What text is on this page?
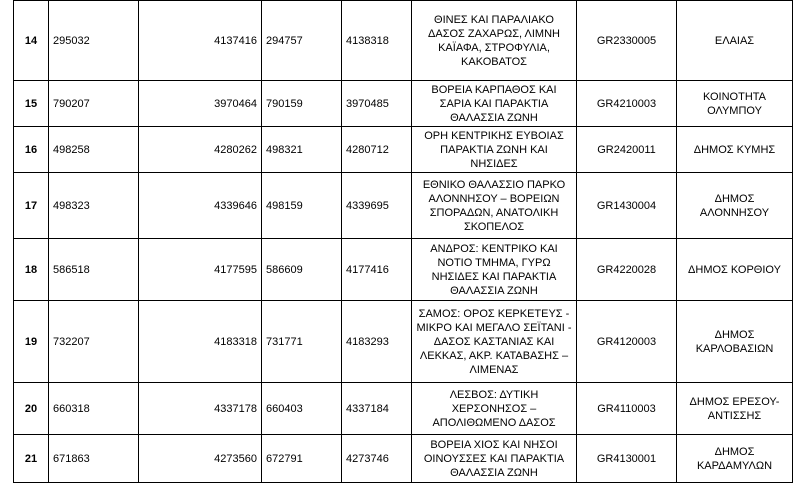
14	295032	4137416	294757	4138318	ΘΙΝΕΣ ΚΑΙ ΠΑΡΑΛΙΑΚΟ ΔΑΣΟΣ ΖΑΧΑΡΩΣ, ΛΙΜΝΗ ΚΑΪΑΦΑ, ΣΤΡΟΦΥΛΙΑ, ΚΑΚΟΒΑΤΟΣ	GR2330005	ΕΛΑΙΑΣ
15	790207	3970464	790159	3970485	ΒΟΡΕΙΑ ΚΑΡΠΑΘΟΣ ΚΑΙ ΣΑΡΙΑ ΚΑΙ ΠΑΡΑΚΤΙΑ ΘΑΛΑΣΣΙΑ ΖΩΝΗ	GR4210003	ΚΟΙΝΟΤΗΤΑ ΟΛΥΜΠΟΥ
16	498258	4280262	498321	4280712	ΟΡΗ ΚΕΝΤΡΙΚΗΣ ΕΥΒΟΙΑΣ ΠΑΡΑΚΤΙΑ ΖΩΝΗ ΚΑΙ ΝΗΣΙΔΕΣ	GR2420011	ΔΗΜΟΣ ΚΥΜΗΣ
17	498323	4339646	498159	4339695	ΕΘΝΙΚΟ ΘΑΛΑΣΣΙΟ ΠΑΡΚΟ ΑΛΟΝΝΗΣΟΥ – ΒΟΡΕΙΩΝ ΣΠΟΡΑΔΩΝ, ΑΝΑΤΟΛΙΚΗ ΣΚΟΠΕΛΟΣ	GR1430004	ΔΗΜΟΣ ΑΛΟΝΝΗΣΟΥ
18	586518	4177595	586609	4177416	ΑΝΔΡΟΣ: ΚΕΝΤΡΙΚΟ ΚΑΙ ΝΟΤΙΟ ΤΜΗΜΑ, ΓΥΡΩ ΝΗΣΙΔΕΣ ΚΑΙ ΠΑΡΑΚΤΙΑ ΘΑΛΑΣΣΙΑ ΖΩΝΗ	GR4220028	ΔΗΜΟΣ ΚΟΡΘΙΟΥ
19	732207	4183318	731771	4183293	ΣΑΜΟΣ: ΟΡΟΣ ΚΕΡΚΕΤΕΥΣ - ΜΙΚΡΟ ΚΑΙ ΜΕΓΑΛΟ ΣΕΪΤΑΝΙ - ΔΑΣΟΣ ΚΑΣΤΑΝΙΑΣ ΚΑΙ ΛΕΚΚΑΣ, ΑΚΡ. ΚΑΤΑΒΑΣΗΣ – ΛΙΜΕΝΑΣ	GR4120003	ΔΗΜΟΣ ΚΑΡΛΟΒΑΣΙΩΝ
20	660318	4337178	660403	4337184	ΛΕΣΒΟΣ: ΔΥΤΙΚΗ ΧΕΡΣΟΝΗΣΟΣ – ΑΠΟΛΙΘΩΜΕΝΟ ΔΑΣΟΣ	GR4110003	ΔΗΜΟΣ ΕΡΕΣΟΥ-ΑΝΤΙΣΣΗΣ
21	671863	4273560	672791	4273746	ΒΟΡΕΙΑ ΧΙΟΣ ΚΑΙ ΝΗΣΟΙ ΟΙΝΟΥΣΣΕΣ ΚΑΙ ΠΑΡΑΚΤΙΑ ΘΑΛΑΣΣΙΑ ΖΩΝΗ	GR4130001	ΔΗΜΟΣ ΚΑΡΔΑΜΥΛΩΝ
